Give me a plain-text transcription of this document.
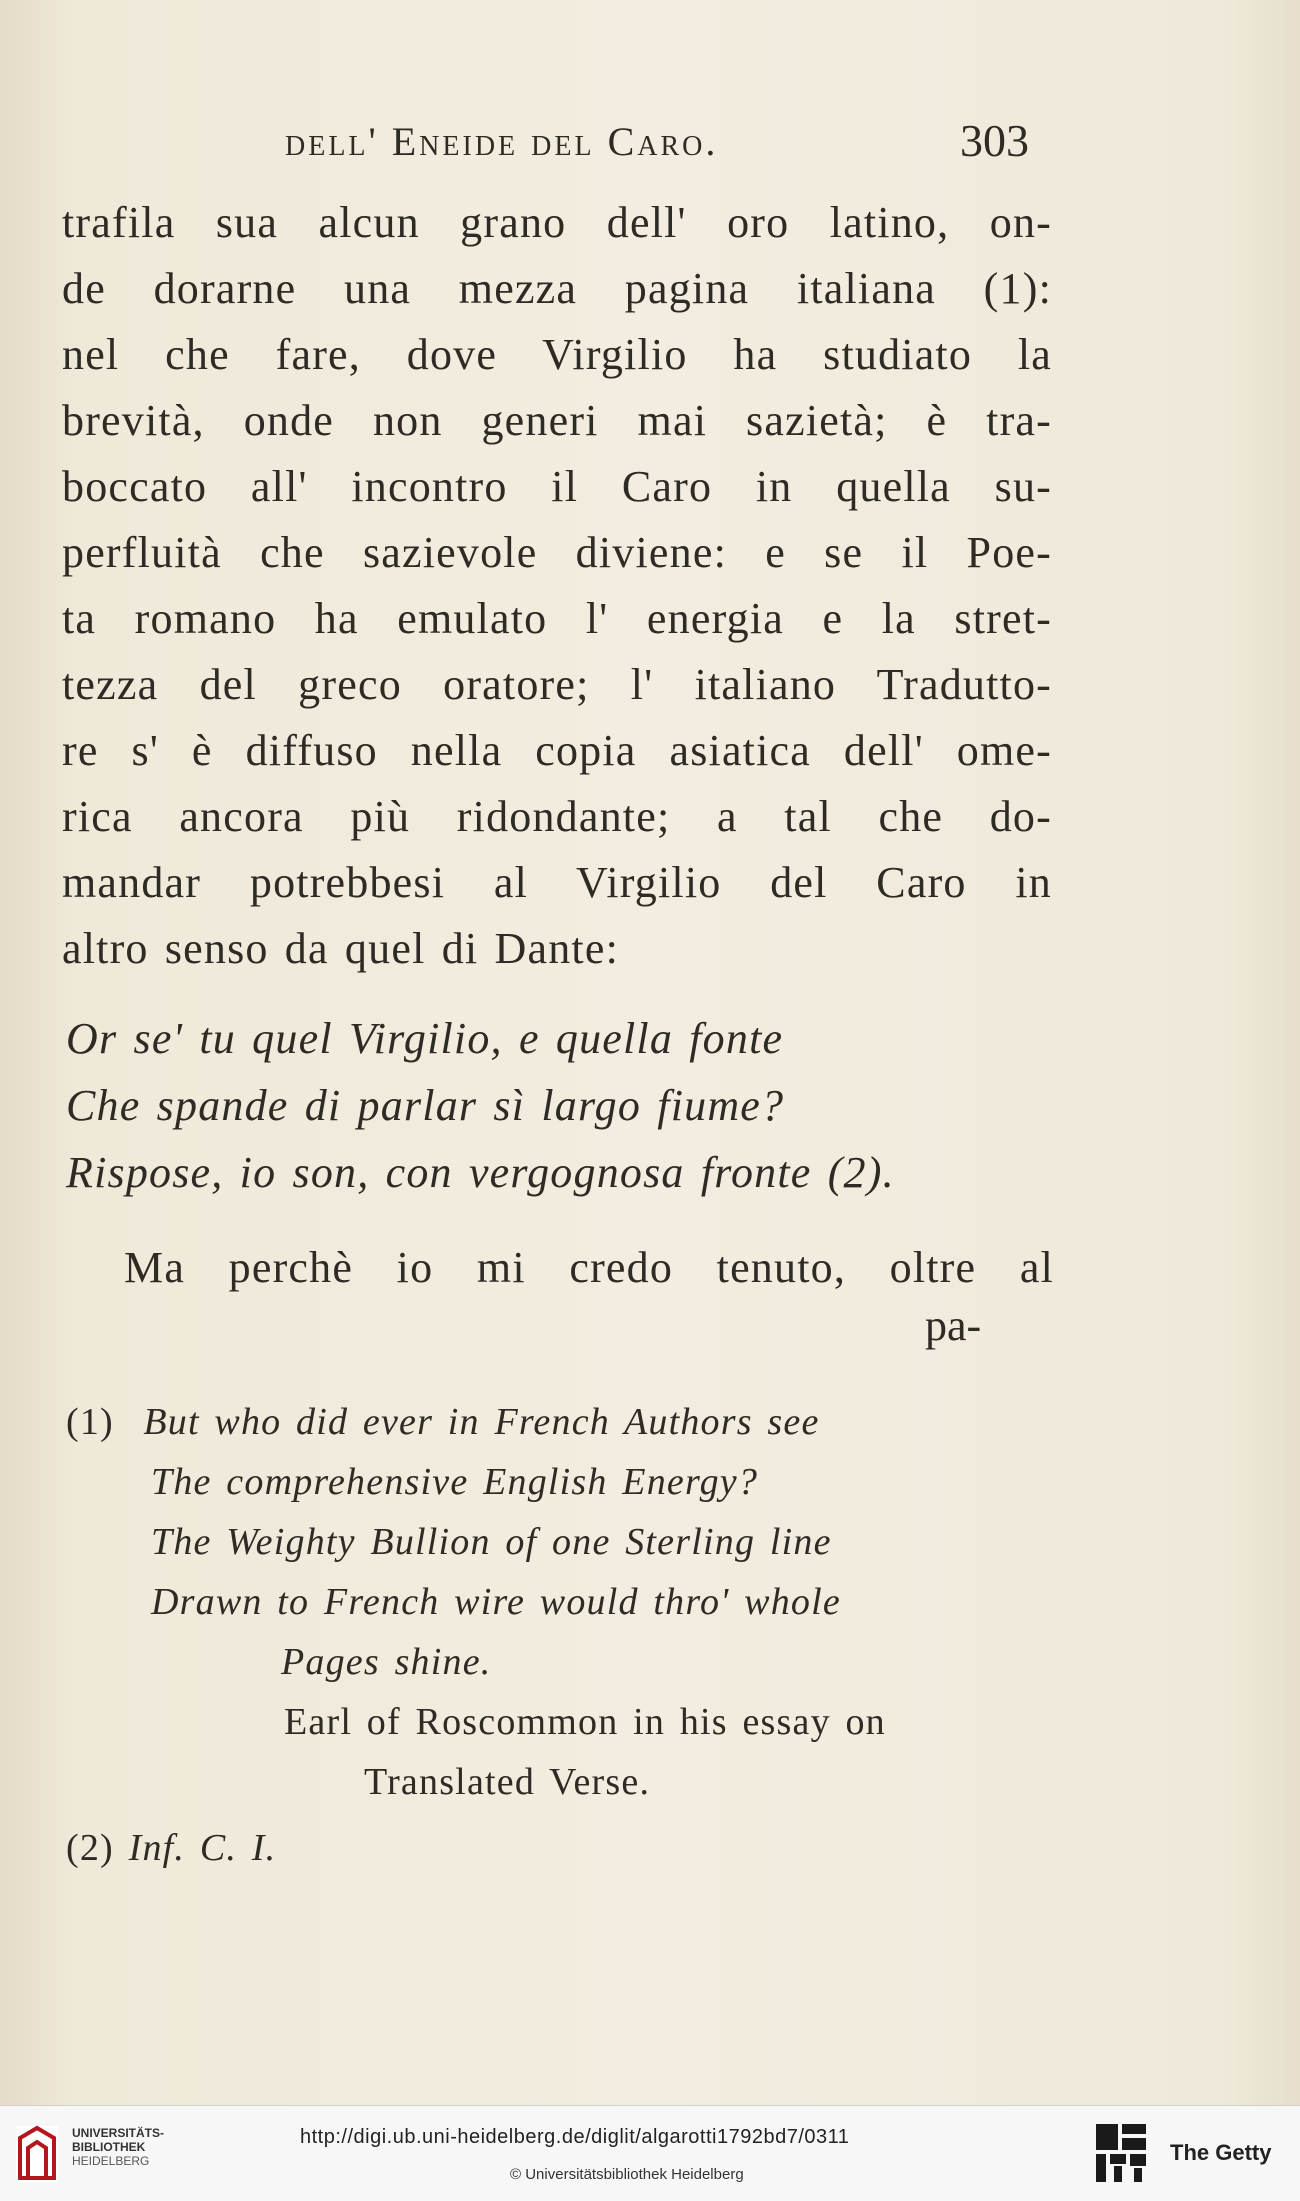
dell' Eneide del Caro.	303
trafila sua alcun grano dell' oro latino, on-
de dorarne una mezza pagina italiana (1):
nel che fare, dove Virgilio ha studiato la
brevità, onde non generi mai sazietà; è tra-
boccato all' incontro il Caro in quella su-
perfluità che sazievole diviene: e se il Poe-
ta romano ha emulato l' energia e la stret-
tezza del greco oratore; l' italiano Tradutto-
re s' è diffuso nella copia asiatica dell' ome-
rica ancora più ridondante; a tal che do-
mandar potrebbesi al Virgilio del Caro in
altro senso da quel di Dante:
Or se' tu quel Virgilio, e quella fonte
Che spande di parlar sì largo fiume?
Rispose, io son, con vergognosa fronte (2).
Ma perchè io mi credo tenuto, oltre al
pa-
(1) But who did ever in French Authors see
The comprehensive English Energy?
The Weighty Bullion of one Sterling line
Drawn to French wire would thro' whole
Pages shine.
Earl of Roscommon in his essay on
Translated Verse.
(2) Inf. C. I.
UNIVERSITÄTS-
BIBLIOTHEK
HEIDELBERG
http://digi.ub.uni-heidelberg.de/diglit/algarotti1792bd7/0311
© Universitätsbibliothek Heidelberg
The Getty
